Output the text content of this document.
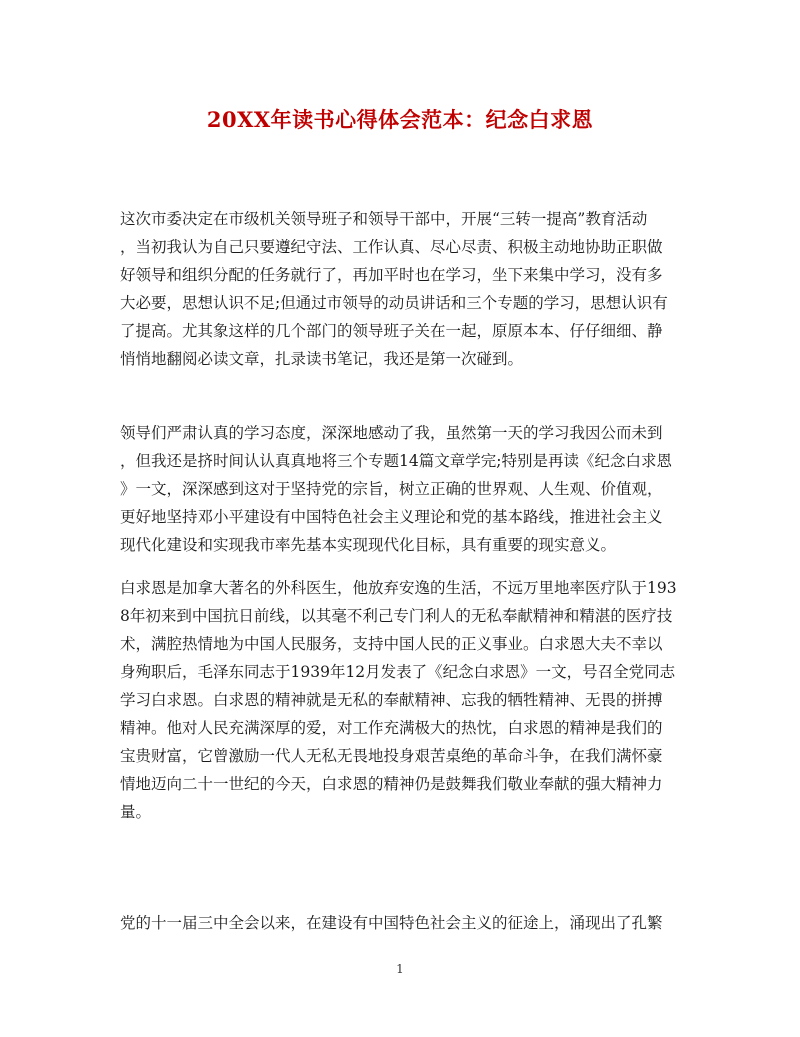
20XX年读书心得体会范本：纪念白求恩

这次市委决定在市级机关领导班子和领导干部中，开展“三转一提高”教育活动

，当初我认为自己只要遵纪守法、工作认真、尽心尽责、积极主动地协助正职做

好领导和组织分配的任务就行了，再加平时也在学习，坐下来集中学习，没有多

大必要，思想认识不足;但通过市领导的动员讲话和三个专题的学习，思想认识有

了提高。尤其象这样的几个部门的领导班子关在一起，原原本本、仔仔细细、静

悄悄地翻阅必读文章，扎录读书笔记，我还是第一次碰到。

领导们严肃认真的学习态度，深深地感动了我，虽然第一天的学习我因公而未到

，但我还是挤时间认认真真地将三个专题14篇文章学完;特别是再读《纪念白求恩

》一文，深深感到这对于坚持党的宗旨，树立正确的世界观、人生观、价值观，

更好地坚持邓小平建设有中国特色社会主义理论和党的基本路线，推进社会主义

现代化建设和实现我市率先基本实现现代化目标，具有重要的现实意义。

白求恩是加拿大著名的外科医生，他放弃安逸的生活，不远万里地率医疗队于193

8年初来到中国抗日前线，以其毫不利己专门利人的无私奉献精神和精湛的医疗技

术，满腔热情地为中国人民服务，支持中国人民的正义事业。白求恩大夫不幸以

身殉职后，毛泽东同志于1939年12月发表了《纪念白求恩》一文，号召全党同志

学习白求恩。白求恩的精神就是无私的奉献精神、忘我的牺牲精神、无畏的拼搏

精神。他对人民充满深厚的爱，对工作充满极大的热忱，白求恩的精神是我们的

宝贵财富，它曾激励一代人无私无畏地投身艰苦桌绝的革命斗争，在我们满怀豪

情地迈向二十一世纪的今天，白求恩的精神仍是鼓舞我们敬业奉献的强大精神力

量。

党的十一届三中全会以来，在建设有中国特色社会主义的征途上，涌现出了孔繁

1
